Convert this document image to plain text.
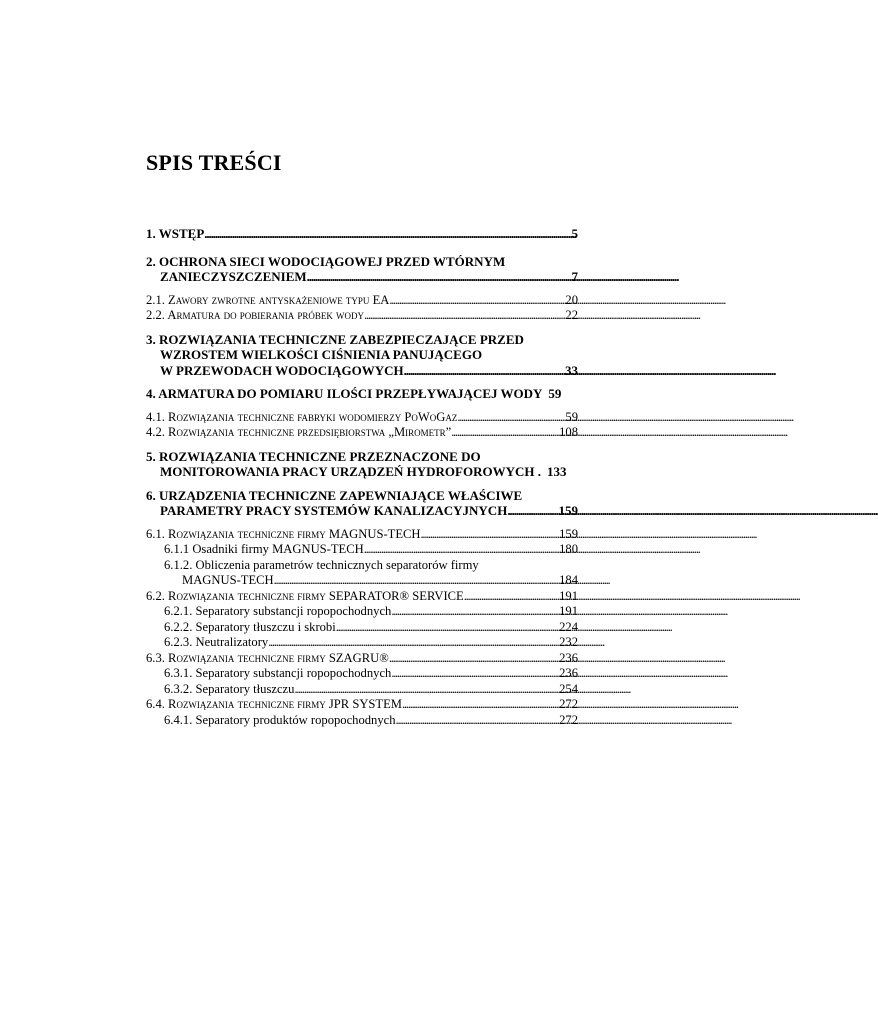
SPIS TREŚCI
1. WSTĘP . . .	5
2. OCHRONA SIECI WODOCIĄGOWEJ PRZED WTÓRNYM
ZANIECZYSZCZENIEM . . .	7
2.1. Zawory zwrotne antyskażeniowe typu EA . . .	20
2.2. Armatura do pobierania próbek wody . . .	22
3. ROZWIĄZANIA TECHNICZNE ZABEZPIECZAJĄCE PRZED
WZROSTEM WIELKOŚCI CIŚNIENIA PANUJĄCEGO
W PRZEWODACH WODOCIĄGOWYCH . . .	33
4. ARMATURA DO POMIARU ILOŚCI PRZEPŁYWAJĄCEJ WODY 59
4.1. Rozwiązania techniczne fabryki wodomierzy PoWoGaz . . .	59
4.2. Rozwiązania techniczne przedsiębiorstwa „Mirometr” . . .	108
5. ROZWIĄZANIA TECHNICZNE PRZEZNACZONE DO
MONITOROWANIA PRACY URZĄDZEŃ HYDROFOROWYCH . 133
6. URZĄDZENIA TECHNICZNE ZAPEWNIAJĄCE WŁAŚCIWE
PARAMETRY PRACY SYSTEMÓW KANALIZACYJNYCH . . .	159
6.1. Rozwiązania techniczne firmy MAGNUS-TECH . . .	159
6.1.1 Osadniki firmy MAGNUS-TECH . . .	180
6.1.2. Obliczenia parametrów technicznych separatorów firmy
MAGNUS-TECH . . .	184
6.2. Rozwiązania techniczne firmy SEPARATOR® SERVICE . . .	191
6.2.1. Separatory substancji ropopochodnych . . .	191
6.2.2. Separatory tłuszczu i skrobi . . .	224
6.2.3. Neutralizatory . . .	232
6.3. Rozwiązania techniczne firmy SZAGRU® . . .	236
6.3.1. Separatory substancji ropopochodnych . . .	236
6.3.2. Separatory tłuszczu . . .	254
6.4. Rozwiązania techniczne firmy JPR SYSTEM . . .	272
6.4.1. Separatory produktów ropopochodnych . . .	272
